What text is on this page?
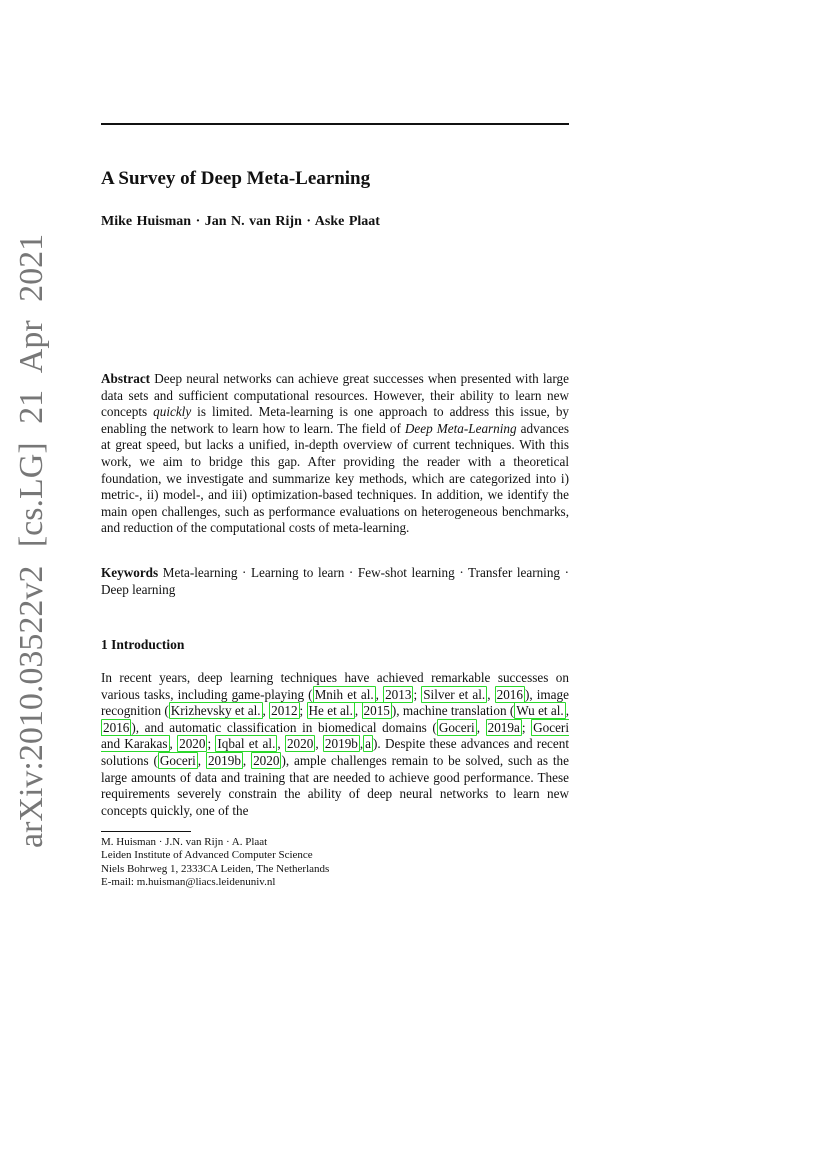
arXiv:2010.03522v2 [cs.LG] 21 Apr 2021
A Survey of Deep Meta-Learning
Mike Huisman · Jan N. van Rijn · Aske Plaat
Abstract Deep neural networks can achieve great successes when presented with large data sets and sufficient computational resources. However, their ability to learn new concepts quickly is limited. Meta-learning is one approach to address this issue, by enabling the network to learn how to learn. The field of Deep Meta-Learning advances at great speed, but lacks a unified, in-depth overview of current techniques. With this work, we aim to bridge this gap. After providing the reader with a theoretical foundation, we investigate and summarize key methods, which are categorized into i) metric-, ii) model-, and iii) optimization-based techniques. In addition, we identify the main open challenges, such as performance evaluations on heterogeneous benchmarks, and reduction of the computational costs of meta-learning.
Keywords Meta-learning · Learning to learn · Few-shot learning · Transfer learning · Deep learning
1 Introduction
In recent years, deep learning techniques have achieved remarkable successes on various tasks, including game-playing ( Mnih et al. , 2013 ; Silver et al. , 2016 ), image recognition ( Krizhevsky et al. , 2012 ; He et al. , 2015 ), machine translation ( Wu et al. , 2016 ), and automatic classification in biomedical domains ( Goceri , 2019a ; Goceri and Karakas , 2020 ; Iqbal et al. , 2020 , 2019b , a ). Despite these advances and recent solutions ( Goceri , 2019b , 2020 ), ample challenges remain to be solved, such as the large amounts of data and training that are needed to achieve good performance. These requirements severely constrain the ability of deep neural networks to learn new concepts quickly, one of the
M. Huisman · J.N. van Rijn · A. Plaat
Leiden Institute of Advanced Computer Science
Niels Bohrweg 1, 2333CA Leiden, The Netherlands
E-mail: m.huisman@liacs.leidenuniv.nl
